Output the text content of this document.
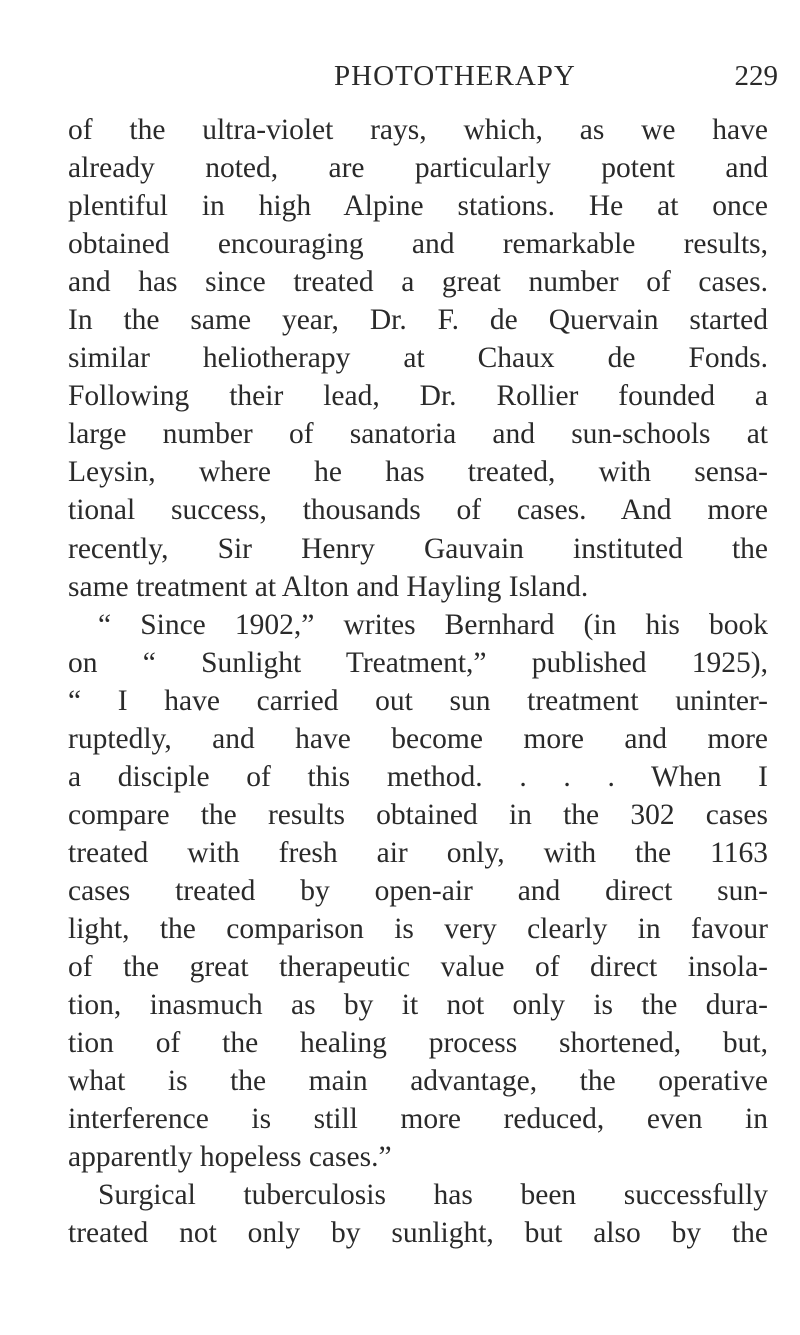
PHOTOTHERAPY	229
of the ultra-violet rays, which, as we have
already noted, are particularly potent and
plentiful in high Alpine stations. He at once
obtained encouraging and remarkable results,
and has since treated a great number of cases.
In the same year, Dr. F. de Quervain started
similar heliotherapy at Chaux de Fonds.
Following their lead, Dr. Rollier founded a
large number of sanatoria and sun-schools at
Leysin, where he has treated, with sensa-
tional success, thousands of cases. And more
recently, Sir Henry Gauvain instituted the
same treatment at Alton and Hayling Island.
“ Since 1902,” writes Bernhard (in his book
on “ Sunlight Treatment,” published 1925),
“ I have carried out sun treatment uninter-
ruptedly, and have become more and more
a disciple of this method. . . . When I
compare the results obtained in the 302 cases
treated with fresh air only, with the 1163
cases treated by open-air and direct sun-
light, the comparison is very clearly in favour
of the great therapeutic value of direct insola-
tion, inasmuch as by it not only is the dura-
tion of the healing process shortened, but,
what is the main advantage, the operative
interference is still more reduced, even in
apparently hopeless cases.”
Surgical tuberculosis has been successfully
treated not only by sunlight, but also by the
